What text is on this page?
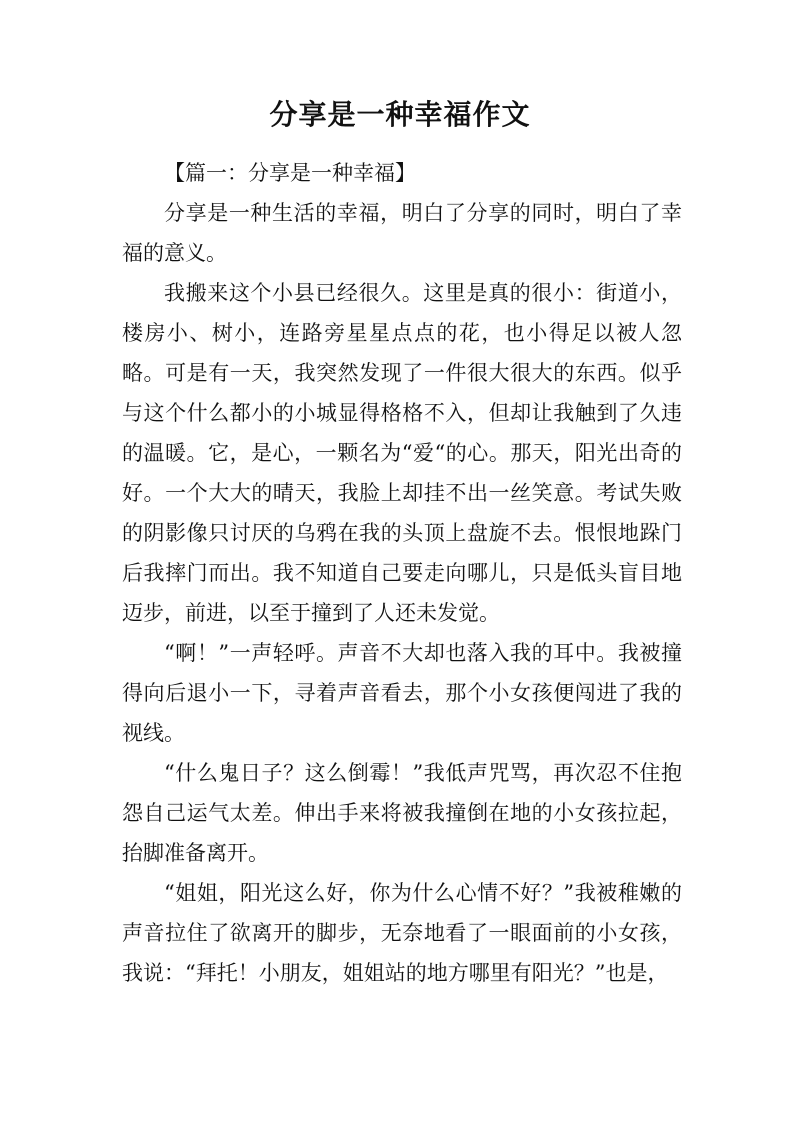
分享是一种幸福作文

【篇一：分享是一种幸福】

分享是一种生活的幸福，明白了分享的同时，明白了幸福的意义。

我搬来这个小县已经很久。这里是真的很小：街道小，楼房小、树小，连路旁星星点点的花，也小得足以被人忽略。可是有一天，我突然发现了一件很大很大的东西。似乎与这个什么都小的小城显得格格不入，但却让我触到了久违的温暖。它，是心，一颗名为“爱“的心。那天，阳光出奇的好。一个大大的晴天，我脸上却挂不出一丝笑意。考试失败的阴影像只讨厌的乌鸦在我的头顶上盘旋不去。恨恨地跺门后我摔门而出。我不知道自己要走向哪儿，只是低头盲目地迈步，前进，以至于撞到了人还未发觉。

“啊！”一声轻呼。声音不大却也落入我的耳中。我被撞得向后退小一下，寻着声音看去，那个小女孩便闯进了我的视线。

“什么鬼日子？这么倒霉！”我低声咒骂，再次忍不住抱怨自己运气太差。伸出手来将被我撞倒在地的小女孩拉起，抬脚准备离开。

“姐姐，阳光这么好，你为什么心情不好？”我被稚嫩的声音拉住了欲离开的脚步，无奈地看了一眼面前的小女孩，我说：“拜托！小朋友，姐姐站的地方哪里有阳光？”也是，
